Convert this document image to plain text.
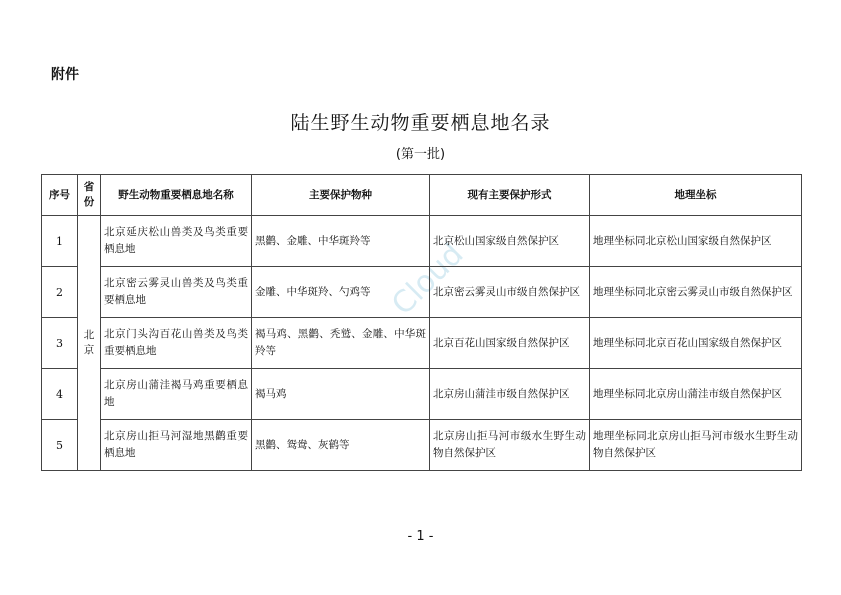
附件
陆生野生动物重要栖息地名录
(第一批)
Cloud
序号	省份	野生动物重要栖息地名称	主要保护物种	现有主要保护形式	地理坐标
1	北京	北京延庆松山兽类及鸟类重要栖息地	黑鹳、金雕、中华斑羚等	北京松山国家级自然保护区	地理坐标同北京松山国家级自然保护区
2		北京密云雾灵山兽类及鸟类重要栖息地	金雕、中华斑羚、勺鸡等	北京密云雾灵山市级自然保护区	地理坐标同北京密云雾灵山市级自然保护区
3		北京门头沟百花山兽类及鸟类重要栖息地	褐马鸡、黑鹳、秃鹫、金雕、中华斑羚等	北京百花山国家级自然保护区	地理坐标同北京百花山国家级自然保护区
4		北京房山蒲洼褐马鸡重要栖息地	褐马鸡	北京房山蒲洼市级自然保护区	地理坐标同北京房山蒲洼市级自然保护区
5		北京房山拒马河湿地黑鹳重要栖息地	黑鹳、鸳鸯、灰鹤等	北京房山拒马河市级水生野生动物自然保护区	地理坐标同北京房山拒马河市级水生野生动物自然保护区
- 1 -
